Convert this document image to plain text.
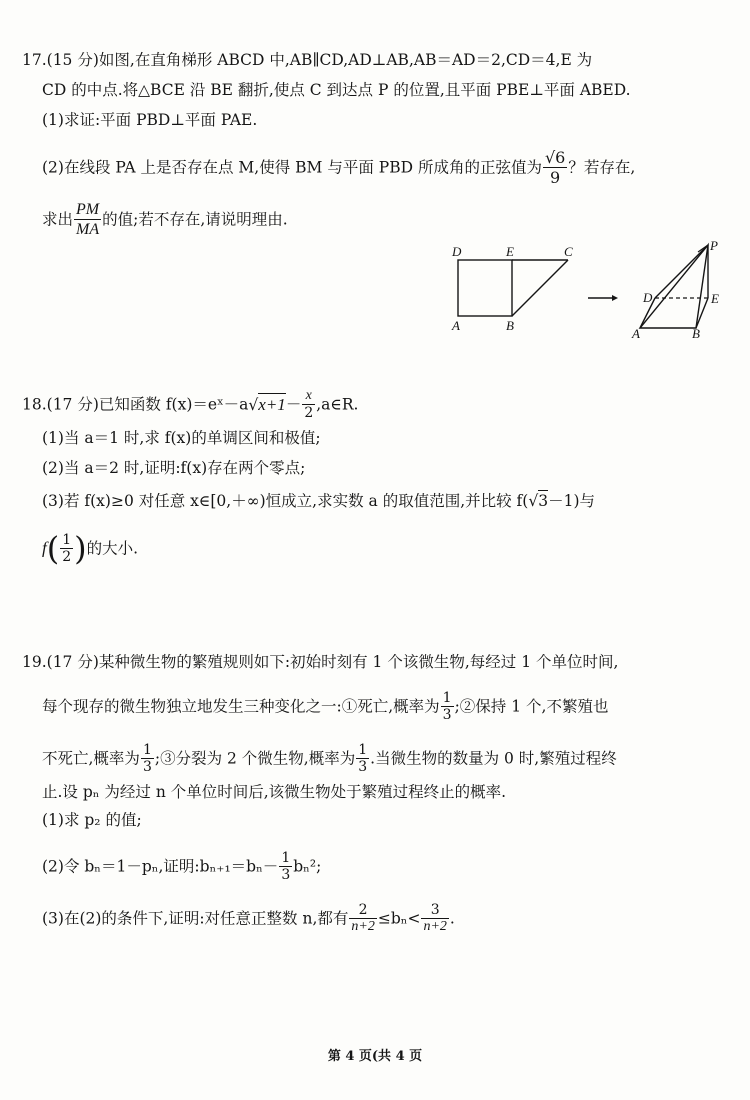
17.(15 分)如图,在直角梯形 ABCD 中,AB∥CD,AD⊥AB,AB＝AD＝2,CD＝4,E 为
CD 的中点.将△BCE 沿 BE 翻折,使点 C 到达点 P 的位置,且平面 PBE⊥平面 ABED.
(1)求证:平面 PBD⊥平面 PAE.
(2)在线段 PA 上是否存在点 M,使得 BM 与平面 PBD 所成角的正弦值为 $\frac{√6}{9}$ ？若存在,
求出 $\frac{PM}{MA}$ 的值;若不存在,请说明理由.
D	E	C
A	B
P
D	E
A	B
18.(17 分)已知函数 f(x)＝eˣ－a√x+1－ $\frac{x}{2}$ ,a∈R.
(1)当 a＝1 时,求 f(x)的单调区间和极值;
(2)当 a＝2 时,证明:f(x)存在两个零点;
(3)若 f(x)≥0 对任意 x∈[0,＋∞)恒成立,求实数 a 的取值范围,并比较 f(√3－1)与
$f( \frac{1}{2}$ )的大小.
19.(17 分)某种微生物的繁殖规则如下:初始时刻有 1 个该微生物,每经过 1 个单位时间,
每个现存的微生物独立地发生三种变化之一:①死亡,概率为 $\frac{1}{3}$ ;②保持 1 个,不繁殖也
不死亡,概率为 $\frac{1}{3}$ ;③分裂为 2 个微生物,概率为 $\frac{1}{3}$ .当微生物的数量为 0 时,繁殖过程终
止.设 pₙ 为经过 n 个单位时间后,该微生物处于繁殖过程终止的概率.
(1)求 p₂ 的值;
(2)令 bₙ＝1－pₙ,证明:bₙ₊₁＝bₙ－ $\frac{1}{3} b_n^2$;
(3)在(2)的条件下,证明:对任意正整数 n,都有 $\frac{2}{n+2} \le b_n< \frac{3}{n+2}$ .
第 4 页(共 4 页
